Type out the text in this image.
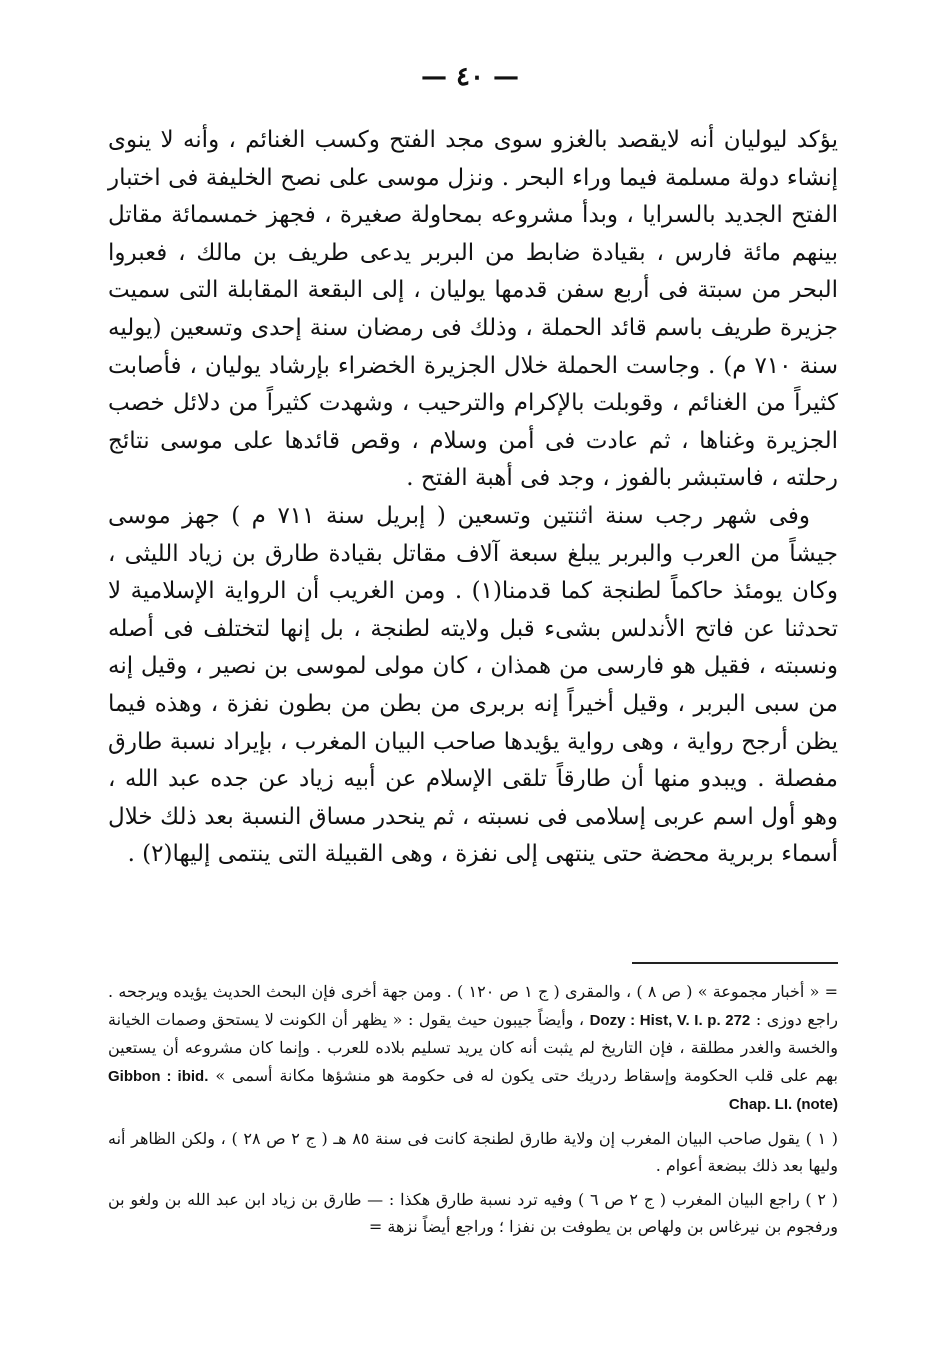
— ٤٠ —

يؤكد ليوليان أنه لايقصد بالغزو سوى مجد الفتح وكسب الغنائم ، وأنه لا ينوى إنشاء دولة مسلمة فيما وراء البحر . ونزل موسى على نصح الخليفة فى اختبار الفتح الجديد بالسرايا ، وبدأ مشروعه بمحاولة صغيرة ، فجهز خمسمائة مقاتل بينهم مائة فارس ، بقيادة ضابط من البربر يدعى طريف بن مالك ، فعبروا البحر من سبتة فى أربع سفن قدمها يوليان ، إلى البقعة المقابلة التى سميت جزيرة طريف باسم قائد الحملة ، وذلك فى رمضان سنة إحدى وتسعين (يوليه سنة ٧١٠ م) . وجاست الحملة خلال الجزيرة الخضراء بإرشاد يوليان ، فأصابت كثيراً من الغنائم ، وقوبلت بالإكرام والترحيب ، وشهدت كثيراً من دلائل خصب الجزيرة وغناها ، ثم عادت فى أمن وسلام ، وقص قائدها على موسى نتائج رحلته ، فاستبشر بالفوز ، وجد فى أهبة الفتح .

وفى شهر رجب سنة اثنتين وتسعين ( إبريل سنة ٧١١ م ) جهز موسى جيشاً من العرب والبربر يبلغ سبعة آلاف مقاتل بقيادة طارق بن زياد الليثى ، وكان يومئذ حاكماً لطنجة كما قدمنا(١) . ومن الغريب أن الرواية الإسلامية لا تحدثنا عن فاتح الأندلس بشىء قبل ولايته لطنجة ، بل إنها لتختلف فى أصله ونسبته ، فقيل هو فارسى من همذان ، كان مولى لموسى بن نصير ، وقيل إنه من سبى البربر ، وقيل أخيراً إنه بربرى من بطن من بطون نفزة ، وهذه فيما يظن أرجح رواية ، وهى رواية يؤيدها صاحب البيان المغرب ، بإيراد نسبة طارق مفصلة . ويبدو منها أن طارقاً تلقى الإسلام عن أبيه زياد عن جده عبد الله ، وهو أول اسم عربى إسلامى فى نسبته ، ثم ينحدر مساق النسبة بعد ذلك خلال أسماء بربرية محضة حتى ينتهى إلى نفزة ، وهى القبيلة التى ينتمى إليها(٢) .

= « أخبار مجموعة » ( ص ٨ ) ، والمقرى ( ج ١ ص ١٢٠ ) . ومن جهة أخرى فإن البحث الحديث يؤيده ويرجحه . راجع دوزى : Dozy : Hist, V. I. p. 272 ، وأيضاً جيبون حيث يقول : « يظهر أن الكونت لا يستحق وصمات الخيانة والخسة والغدر مطلقة ، فإن التاريخ لم يثبت أنه كان يريد تسليم بلاده للعرب . وإنما كان مشروعه أن يستعين بهم على قلب الحكومة وإسقاط ردريك حتى يكون له فى حكومة هو منشؤها مكانة أسمى » Gibbon : ibid. Chap. LI. (note)

( ١ ) يقول صاحب البيان المغرب إن ولاية طارق لطنجة كانت فى سنة ٨٥ هـ ( ج ٢ ص ٢٨ ) ، ولكن الظاهر أنه وليها بعد ذلك ببضعة أعوام .

( ٢ ) راجع البيان المغرب ( ج ٢ ص ٦ ) وفيه ترد نسبة طارق هكذا : — طارق بن زياد ابن عبد الله بن ولغو بن ورفجوم بن نيرغاس بن ولهاص بن يطوفت بن نفزا ؛ وراجع أيضاً نزهة =
